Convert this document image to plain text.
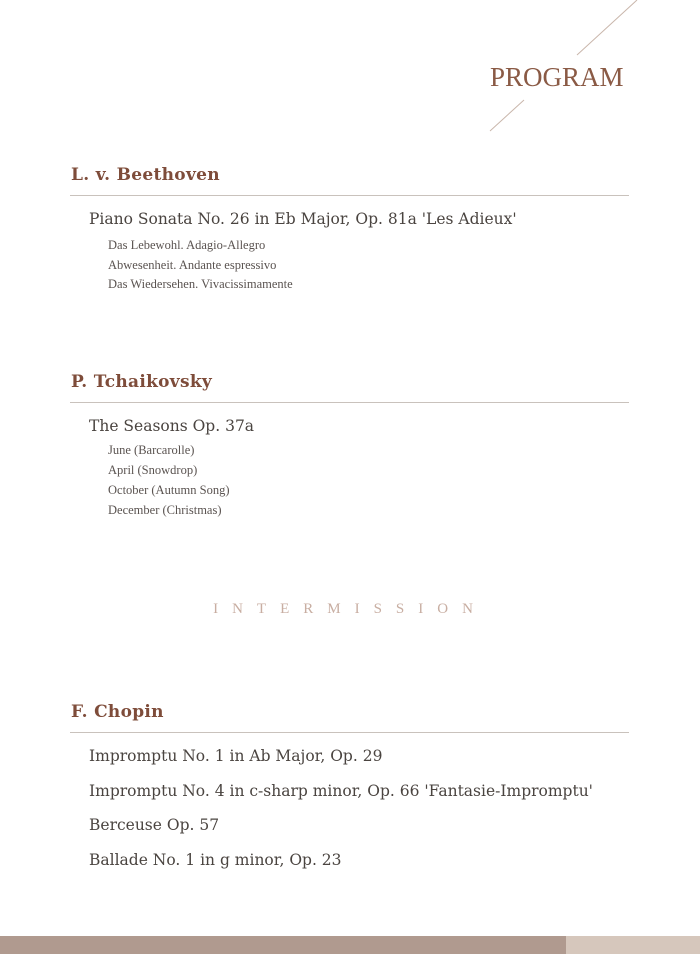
PROGRAM
L. v. Beethoven
Piano Sonata No. 26 in Eb Major, Op. 81a 'Les Adieux'
Das Lebewohl. Adagio-Allegro
Abwesenheit. Andante espressivo
Das Wiedersehen. Vivacissimamente
P. Tchaikovsky
The Seasons Op. 37a
June (Barcarolle)
April (Snowdrop)
October (Autumn Song)
December (Christmas)
INTERMISSION
F. Chopin
Impromptu No. 1 in Ab Major, Op. 29
Impromptu No. 4 in c-sharp minor, Op. 66 'Fantasie-Impromptu'
Berceuse Op. 57
Ballade No. 1 in g minor, Op. 23
